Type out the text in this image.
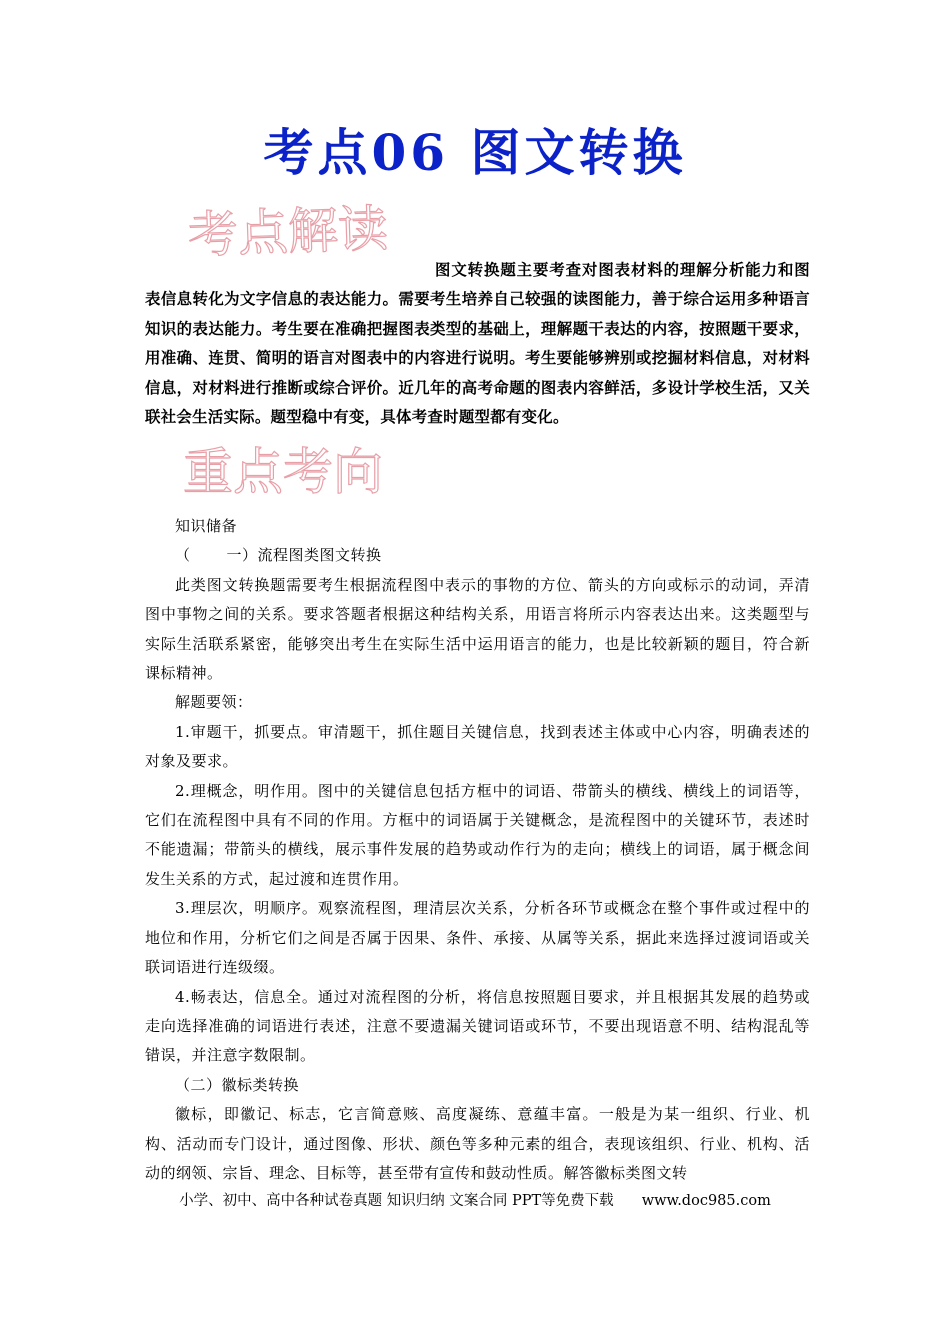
考点06 图文转换
考点解读
图文转换题主要考查对图表材料的理解分析能力和图表信息转化为文字信息的表达能力。需要考生培养自己较强的读图能力，善于综合运用多种语言知识的表达能力。考生要在准确把握图表类型的基础上，理解题干表达的内容，按照题干要求，用准确、连贯、简明的语言对图表中的内容进行说明。考生要能够辨别或挖掘材料信息，对材料信息，对材料进行推断或综合评价。近几年的高考命题的图表内容鲜活，多设计学校生活，又关联社会生活实际。题型稳中有变，具体考查时题型都有变化。
重点考向

知识储备

（ 一）流程图类图文转换

此类图文转换题需要考生根据流程图中表示的事物的方位、箭头的方向或标示的动词，弄清图中事物之间的关系。要求答题者根据这种结构关系，用语言将所示内容表达出来。这类题型与实际生活联系紧密，能够突出考生在实际生活中运用语言的能力，也是比较新颖的题目，符合新课标精神。

解题要领：

1.审题干，抓要点。审清题干，抓住题目关键信息，找到表述主体或中心内容，明确表述的对象及要求。

2.理概念，明作用。图中的关键信息包括方框中的词语、带箭头的横线、横线上的词语等，它们在流程图中具有不同的作用。方框中的词语属于关键概念，是流程图中的关键环节，表述时不能遗漏；带箭头的横线，展示事件发展的趋势或动作行为的走向；横线上的词语，属于概念间发生关系的方式，起过渡和连贯作用。

3.理层次，明顺序。观察流程图，理清层次关系，分析各环节或概念在整个事件或过程中的地位和作用，分析它们之间是否属于因果、条件、承接、从属等关系，据此来选择过渡词语或关联词语进行连级缀。

4.畅表达，信息全。通过对流程图的分析，将信息按照题目要求，并且根据其发展的趋势或走向选择准确的词语进行表述，注意不要遗漏关键词语或环节，不要出现语意不明、结构混乱等错误，并注意字数限制。

（二）徽标类转换

徽标，即徽记、标志，它言简意赅、高度凝练、意蕴丰富。一般是为某一组织、行业、机构、活动而专门设计，通过图像、形状、颜色等多种元素的组合，表现该组织、行业、机构、活动的纲领、宗旨、理念、目标等，甚至带有宣传和鼓动性质。解答徽标类图文转

小学、初中、高中各种试卷真题 知识归纳 文案合同 PPT等免费下载 www.doc985.com
